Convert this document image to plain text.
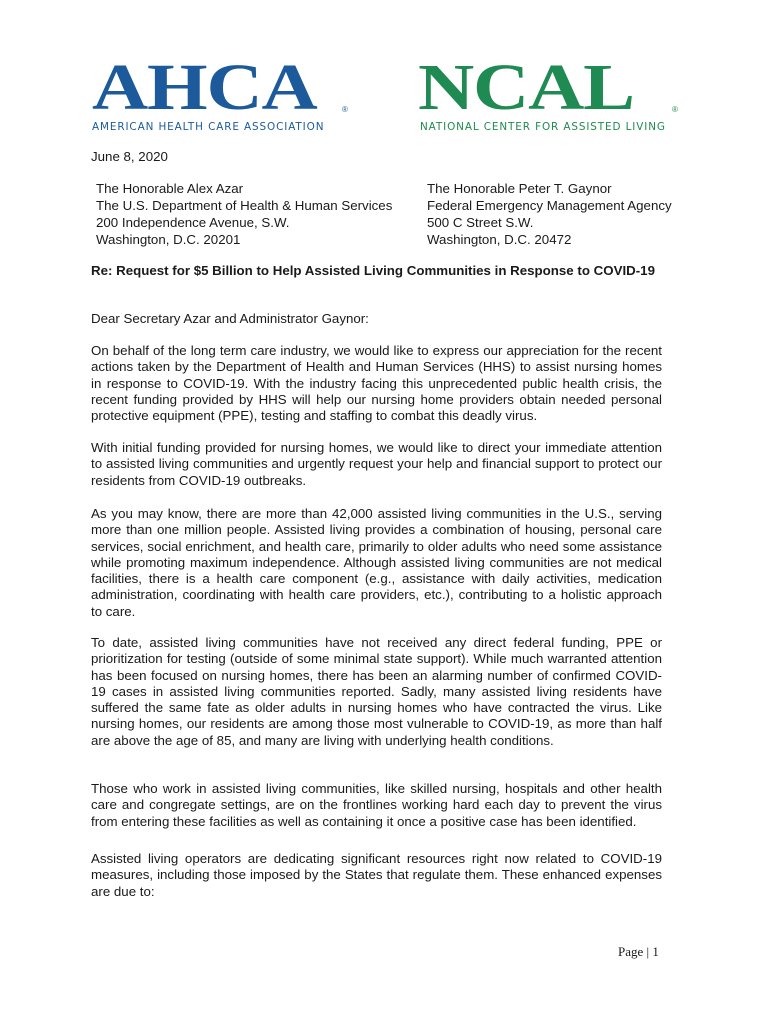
AHCA	®
AMERICAN HEALTH CARE ASSOCIATION
NCAL	®
NATIONAL CENTER FOR ASSISTED LIVING
June 8, 2020
The Honorable Alex Azar
The U.S. Department of Health & Human Services
200 Independence Avenue, S.W.
Washington, D.C. 20201
The Honorable Peter T. Gaynor
Federal Emergency Management Agency
500 C Street S.W.
Washington, D.C. 20472
Re: Request for $5 Billion to Help Assisted Living Communities in Response to COVID-19
Dear Secretary Azar and Administrator Gaynor:
On behalf of the long term care industry, we would like to express our appreciation for the recent actions taken by the Department of Health and Human Services (HHS) to assist nursing homes in response to COVID-19. With the industry facing this unprecedented public health crisis, the recent funding provided by HHS will help our nursing home providers obtain needed personal protective equipment (PPE), testing and staffing to combat this deadly virus.
With initial funding provided for nursing homes, we would like to direct your immediate attention to assisted living communities and urgently request your help and financial support to protect our residents from COVID-19 outbreaks.
As you may know, there are more than 42,000 assisted living communities in the U.S., serving more than one million people. Assisted living provides a combination of housing, personal care services, social enrichment, and health care, primarily to older adults who need some assistance while promoting maximum independence. Although assisted living communities are not medical facilities, there is a health care component (e.g., assistance with daily activities, medication administration, coordinating with health care providers, etc.), contributing to a holistic approach to care.
To date, assisted living communities have not received any direct federal funding, PPE or prioritization for testing (outside of some minimal state support). While much warranted attention has been focused on nursing homes, there has been an alarming number of confirmed COVID-19 cases in assisted living communities reported. Sadly, many assisted living residents have suffered the same fate as older adults in nursing homes who have contracted the virus. Like nursing homes, our residents are among those most vulnerable to COVID-19, as more than half are above the age of 85, and many are living with underlying health conditions.
Those who work in assisted living communities, like skilled nursing, hospitals and other health care and congregate settings, are on the frontlines working hard each day to prevent the virus from entering these facilities as well as containing it once a positive case has been identified.
Assisted living operators are dedicating significant resources right now related to COVID-19 measures, including those imposed by the States that regulate them. These enhanced expenses are due to:
Page | 1
